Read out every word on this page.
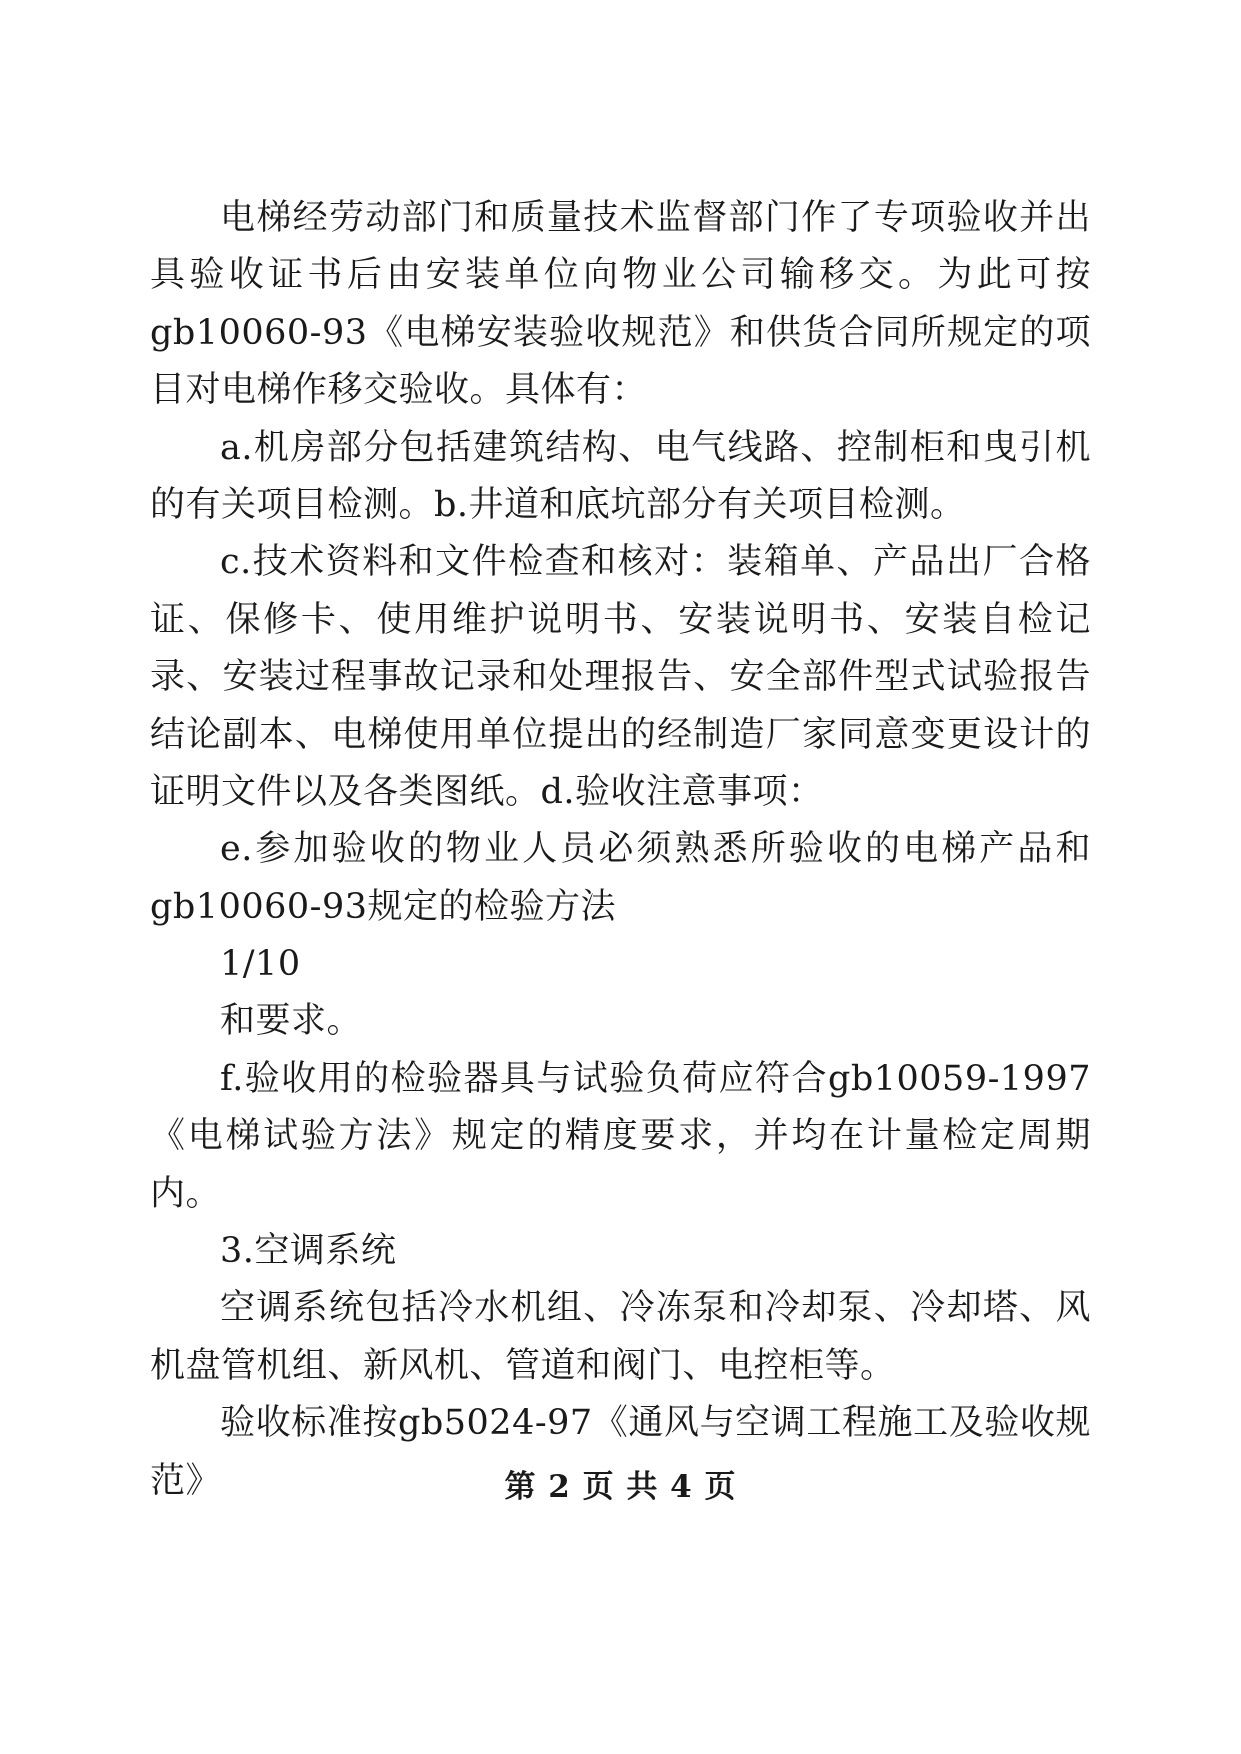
电梯经劳动部门和质量技术监督部门作了专项验收并出具验收证书后由安装单位向物业公司输移交。为此可按gb10060-93《电梯安装验收规范》和供货合同所规定的项目对电梯作移交验收。具体有：

a.机房部分包括建筑结构、电气线路、控制柜和曳引机的有关项目检测。b.井道和底坑部分有关项目检测。

c.技术资料和文件检查和核对：装箱单、产品出厂合格证、保修卡、使用维护说明书、安装说明书、安装自检记录、安装过程事故记录和处理报告、安全部件型式试验报告结论副本、电梯使用单位提出的经制造厂家同意变更设计的证明文件以及各类图纸。d.验收注意事项：

e.参加验收的物业人员必须熟悉所验收的电梯产品和gb10060-93规定的检验方法

1/10

和要求。

f.验收用的检验器具与试验负荷应符合gb10059-1997《电梯试验方法》规定的精度要求，并均在计量检定周期内。

3.空调系统

空调系统包括冷水机组、冷冻泵和冷却泵、冷却塔、风机盘管机组、新风机、管道和阀门、电控柜等。

验收标准按gb5024-97《通风与空调工程施工及验收规范》	第 2 页 共 4 页
